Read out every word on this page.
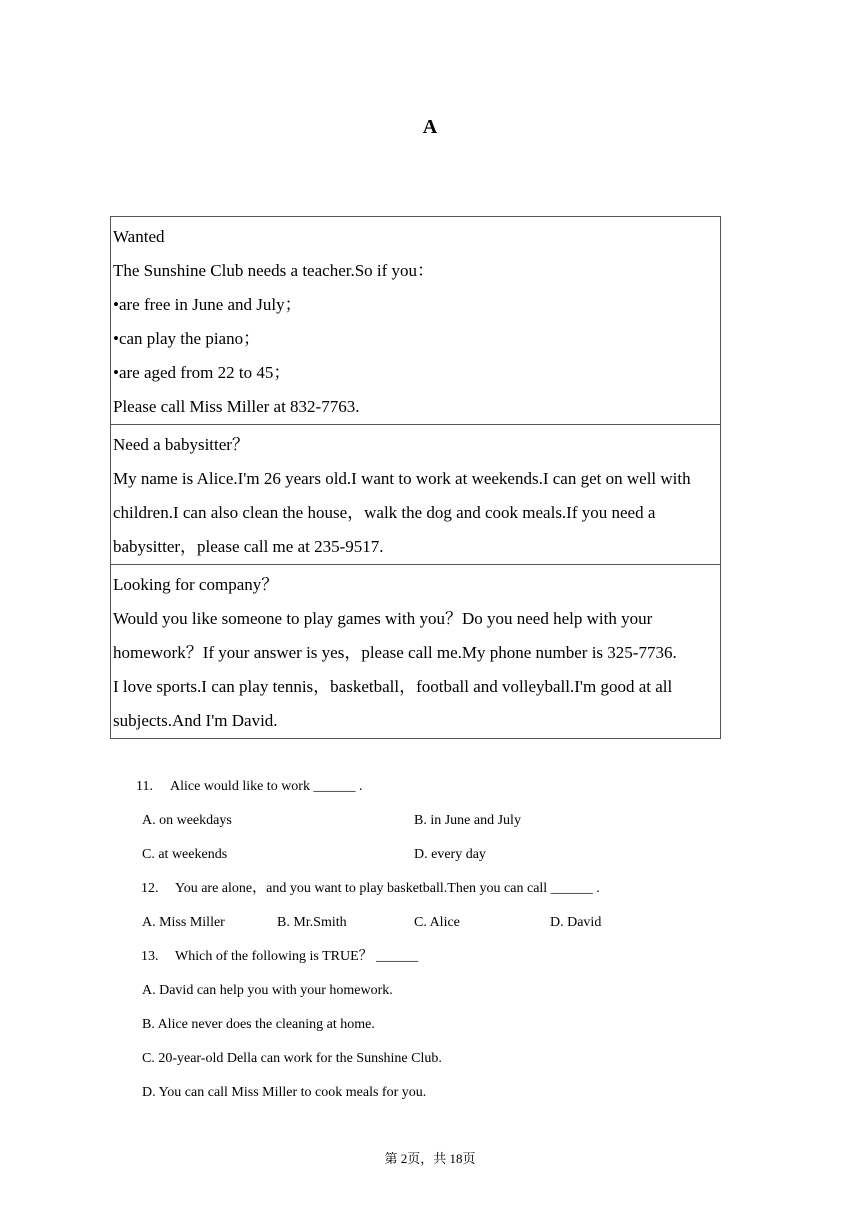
A
Wanted
The Sunshine Club needs a teacher.So if you：
•are free in June and July；
•can play the piano；
•are aged from 22 to 45；
Please call Miss Miller at 832-7763.

Need a babysitter？
My name is Alice.I'm 26 years old.I want to work at weekends.I can get on well with children.I can also clean the house，walk the dog and cook meals.If you need a babysitter，please call me at 235-9517.

Looking for company？
Would you like someone to play games with you？Do you need help with your homework？If your answer is yes，please call me.My phone number is 325-7736.
I love sports.I can play tennis，basketball，football and volleyball.I'm good at all subjects.And I'm David.
11. Alice would like to work ______ .
A. on weekdays	B. in June and July
C. at weekends	D. every day
12. You are alone，and you want to play basketball.Then you can call ______ .
A. Miss Miller	B. Mr.Smith	C. Alice	D. David
13. Which of the following is TRUE？ ______
A. David can help you with your homework.
B. Alice never does the cleaning at home.
C. 20-year-old Della can work for the Sunshine Club.
D. You can call Miss Miller to cook meals for you.
第 2页，共 18页
